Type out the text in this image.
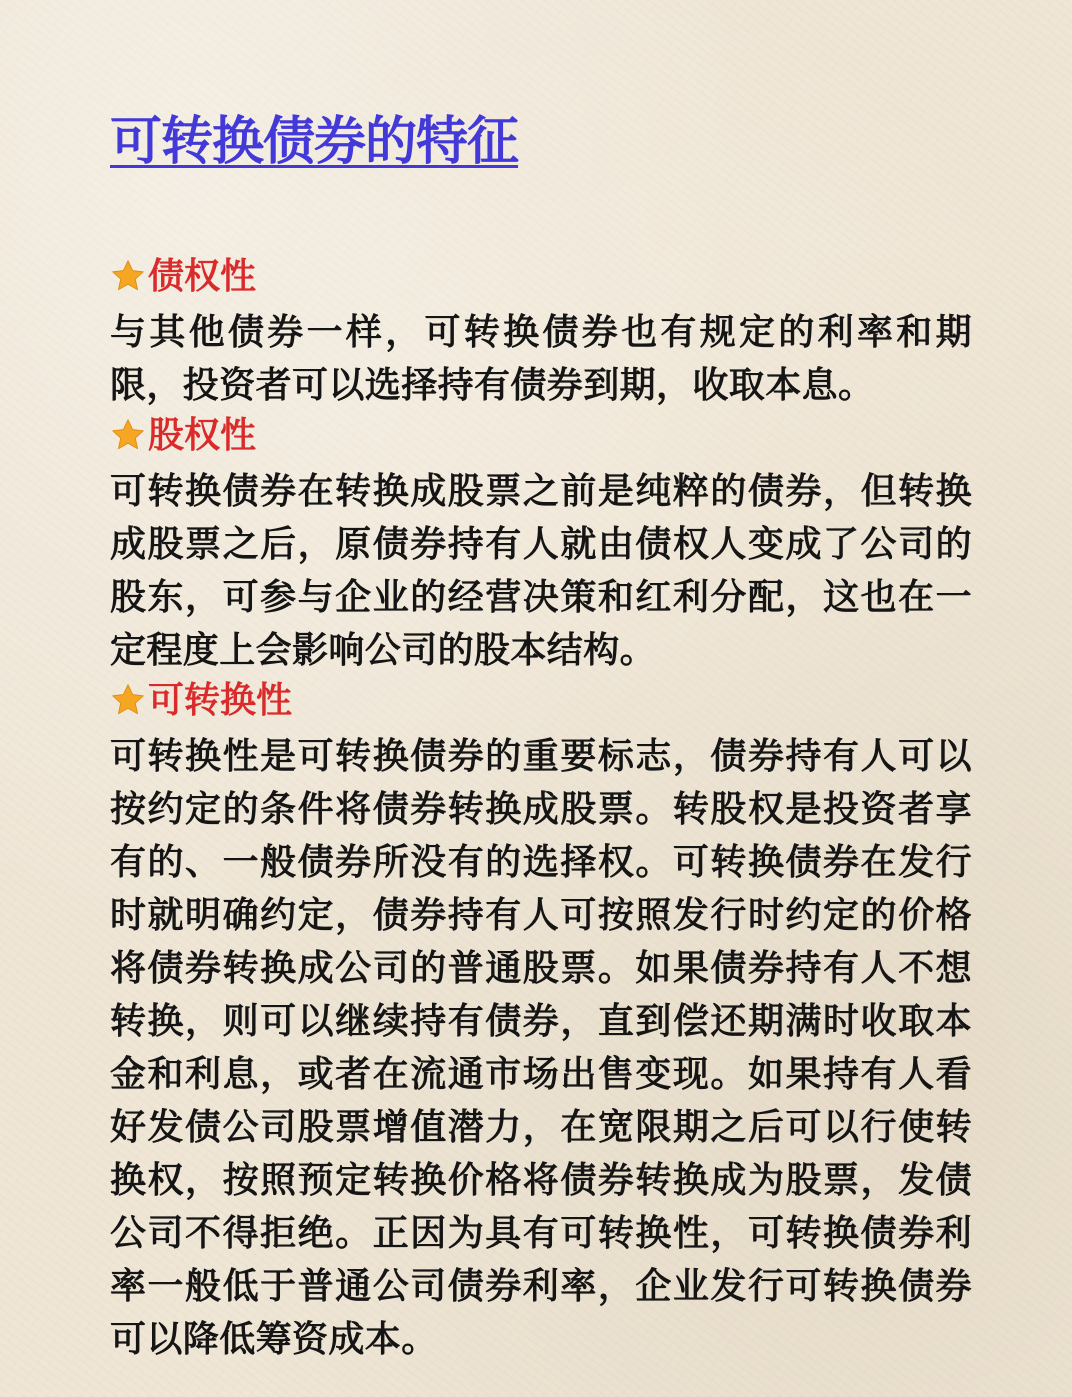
可转换债券的特征
债权性

与其他债券一样，可转换债券也有规定的利率和期限，投资者可以选择持有债券到期，收取本息。

股权性

可转换债券在转换成股票之前是纯粹的债券，但转换成股票之后，原债券持有人就由债权人变成了公司的股东，可参与企业的经营决策和红利分配，这也在一定程度上会影响公司的股本结构。

可转换性

可转换性是可转换债券的重要标志，债券持有人可以按约定的条件将债券转换成股票。转股权是投资者享有的、一般债券所没有的选择权。可转换债券在发行时就明确约定，债券持有人可按照发行时约定的价格将债券转换成公司的普通股票。如果债券持有人不想转换，则可以继续持有债券，直到偿还期满时收取本金和利息，或者在流通市场出售变现。如果持有人看好发债公司股票增值潜力，在宽限期之后可以行使转换权，按照预定转换价格将债券转换成为股票，发债公司不得拒绝。正因为具有可转换性，可转换债券利率一般低于普通公司债券利率，企业发行可转换债券可以降低筹资成本。
